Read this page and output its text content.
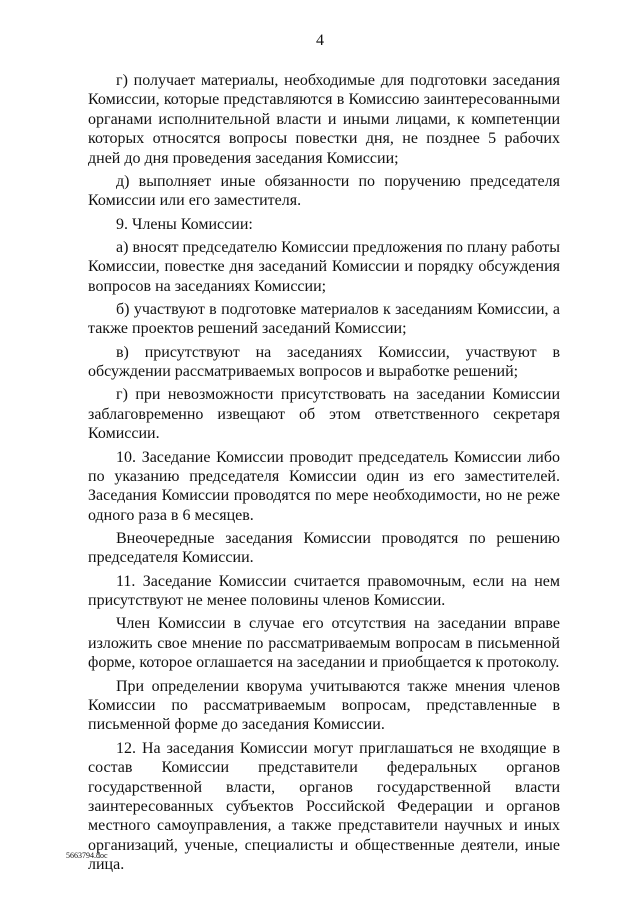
4

г) получает материалы, необходимые для подготовки заседания Комиссии, которые представляются в Комиссию заинтересованными органами исполнительной власти и иными лицами, к компетенции которых относятся вопросы повестки дня, не позднее 5 рабочих дней до дня проведения заседания Комиссии;

д) выполняет иные обязанности по поручению председателя Комиссии или его заместителя.

9. Члены Комиссии:

а) вносят председателю Комиссии предложения по плану работы Комиссии, повестке дня заседаний Комиссии и порядку обсуждения вопросов на заседаниях Комиссии;

б) участвуют в подготовке материалов к заседаниям Комиссии, а также проектов решений заседаний Комиссии;

в) присутствуют на заседаниях Комиссии, участвуют в обсуждении рассматриваемых вопросов и выработке решений;

г) при невозможности присутствовать на заседании Комиссии заблаговременно извещают об этом ответственного секретаря Комиссии.

10. Заседание Комиссии проводит председатель Комиссии либо по указанию председателя Комиссии один из его заместителей. Заседания Комиссии проводятся по мере необходимости, но не реже одного раза в 6 месяцев.

Внеочередные заседания Комиссии проводятся по решению председателя Комиссии.

11. Заседание Комиссии считается правомочным, если на нем присутствуют не менее половины членов Комиссии.

Член Комиссии в случае его отсутствия на заседании вправе изложить свое мнение по рассматриваемым вопросам в письменной форме, которое оглашается на заседании и приобщается к протоколу.

При определении кворума учитываются также мнения членов Комиссии по рассматриваемым вопросам, представленные в письменной форме до заседания Комиссии.

12. На заседания Комиссии могут приглашаться не входящие в состав Комиссии представители федеральных органов государственной власти, органов государственной власти заинтересованных субъектов Российской Федерации и органов местного самоуправления, а также представители научных и иных организаций, ученые, специалисты и общественные деятели, иные лица.

5663794.doc
